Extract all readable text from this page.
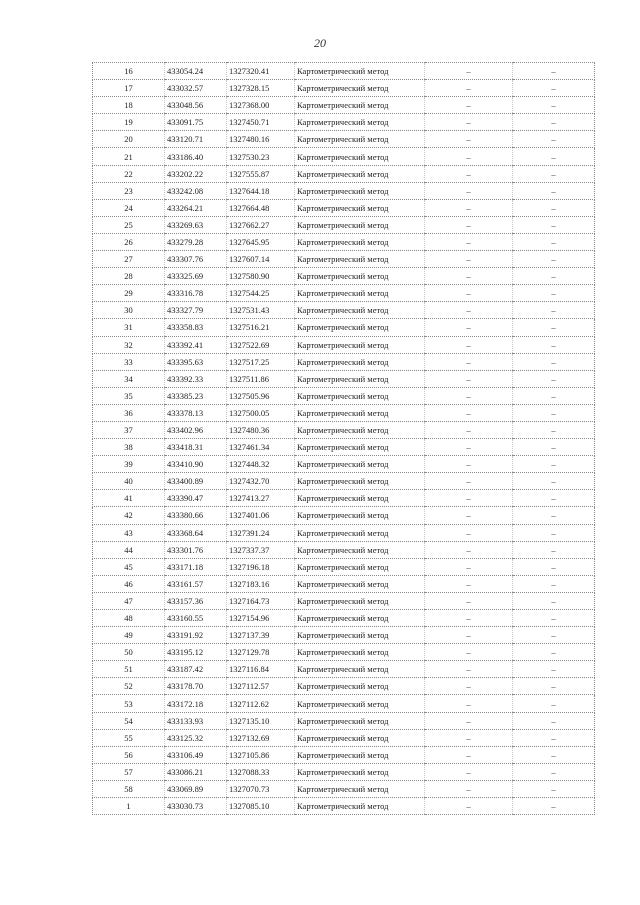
20
16	433054.24	1327320.41	Картометрический метод	–	–
17	433032.57	1327328.15	Картометрический метод	–	–
18	433048.56	1327368.00	Картометрический метод	–	–
19	433091.75	1327450.71	Картометрический метод	–	–
20	433120.71	1327480.16	Картометрический метод	–	–
21	433186.40	1327530.23	Картометрический метод	–	–
22	433202.22	1327555.87	Картометрический метод	–	–
23	433242.08	1327644.18	Картометрический метод	–	–
24	433264.21	1327664.48	Картометрический метод	–	–
25	433269.63	1327662.27	Картометрический метод	–	–
26	433279.28	1327645.95	Картометрический метод	–	–
27	433307.76	1327607.14	Картометрический метод	–	–
28	433325.69	1327580.90	Картометрический метод	–	–
29	433316.78	1327544.25	Картометрический метод	–	–
30	433327.79	1327531.43	Картометрический метод	–	–
31	433358.83	1327516.21	Картометрический метод	–	–
32	433392.41	1327522.69	Картометрический метод	–	–
33	433395.63	1327517.25	Картометрический метод	–	–
34	433392.33	1327511.86	Картометрический метод	–	–
35	433385.23	1327505.96	Картометрический метод	–	–
36	433378.13	1327500.05	Картометрический метод	–	–
37	433402.96	1327480.36	Картометрический метод	–	–
38	433418.31	1327461.34	Картометрический метод	–	–
39	433410.90	1327448.32	Картометрический метод	–	–
40	433400.89	1327432.70	Картометрический метод	–	–
41	433390.47	1327413.27	Картометрический метод	–	–
42	433380.66	1327401.06	Картометрический метод	–	–
43	433368.64	1327391.24	Картометрический метод	–	–
44	433301.76	1327337.37	Картометрический метод	–	–
45	433171.18	1327196.18	Картометрический метод	–	–
46	433161.57	1327183.16	Картометрический метод	–	–
47	433157.36	1327164.73	Картометрический метод	–	–
48	433160.55	1327154.96	Картометрический метод	–	–
49	433191.92	1327137.39	Картометрический метод	–	–
50	433195.12	1327129.78	Картометрический метод	–	–
51	433187.42	1327116.84	Картометрический метод	–	–
52	433178.70	1327112.57	Картометрический метод	–	–
53	433172.18	1327112.62	Картометрический метод	–	–
54	433133.93	1327135.10	Картометрический метод	–	–
55	433125.32	1327132.69	Картометрический метод	–	–
56	433106.49	1327105.86	Картометрический метод	–	–
57	433086.21	1327088.33	Картометрический метод	–	–
58	433069.89	1327070.73	Картометрический метод	–	–
1	433030.73	1327085.10	Картометрический метод	–	–
